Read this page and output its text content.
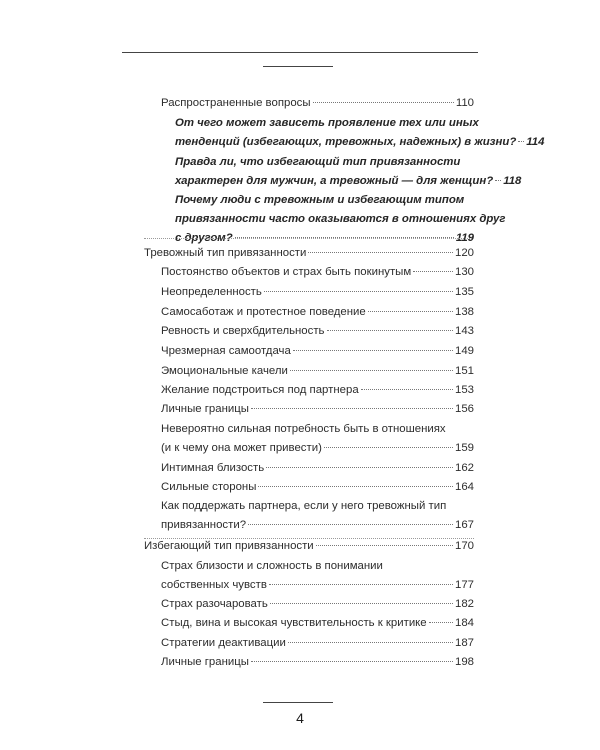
Распространенные вопросы	110
От чего может зависеть проявление тех или иных
тенденций (избегающих, тревожных, надежных) в жизни? 114
Правда ли, что избегающий тип привязанности
характерен для мужчин, а тревожный — для женщин? 118
Почему люди с тревожным и избегающим типом
привязанности часто оказываются в отношениях друг
с другом?	119
Тревожный тип привязанности	120
Постоянство объектов и страх быть покинутым	130
Неопределенность	135
Самосаботаж и протестное поведение	138
Ревность и сверхбдительность	143
Чрезмерная самоотдача	149
Эмоциональные качели	151
Желание подстроиться под партнера	153
Личные границы	156
Невероятно сильная потребность быть в отношениях
(и к чему она может привести)	159
Интимная близость	162
Сильные стороны	164
Как поддержать партнера, если у него тревожный тип
привязанности?	167
Избегающий тип привязанности	170
Страх близости и сложность в понимании
собственных чувств	177
Страх разочаровать	182
Стыд, вина и высокая чувствительность к критике 184
Стратегии деактивации	187
Личные границы	198
4
